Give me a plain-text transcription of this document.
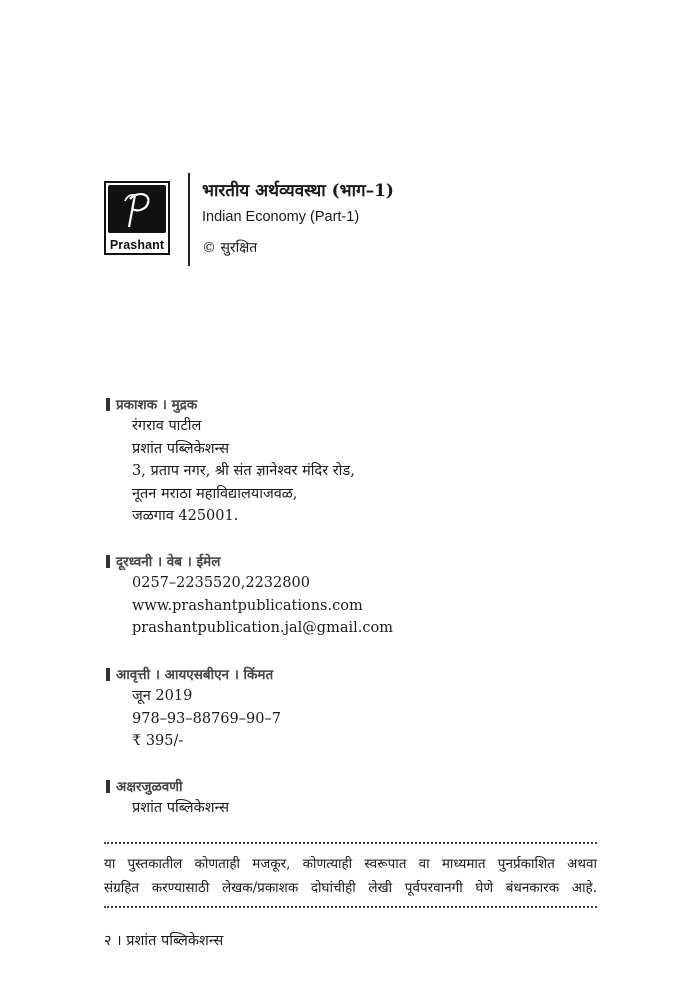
Prashant
भारतीय अर्थव्यवस्था (भाग–1)
Indian Economy (Part-1)
© सुरक्षित
प्रकाशक । मुद्रक
रंगराव पाटील
प्रशांत पब्लिकेशन्स
3, प्रताप नगर, श्री संत ज्ञानेश्वर मंदिर रोड,
नूतन मराठा महाविद्यालयाजवळ,
जळगाव 425001.
दूरध्वनी । वेब । ईमेल
0257–2235520,2232800
www.prashantpublications.com
prashantpublication.jal@gmail.com
आवृत्ती । आयएसबीएन । किंमत
जून 2019
978–93–88769–90–7
₹ 395/-
अक्षरजुळवणी
प्रशांत पब्लिकेशन्स
या पुस्तकातील कोणताही मजकूर, कोणत्याही स्वरूपात वा माध्यमात पुनर्प्रकाशित अथवा
संग्रहित करण्यासाठी लेखक/प्रकाशक दोघांचीही लेखी पूर्वपरवानगी घेणे बंधनकारक आहे.
२ । प्रशांत पब्लिकेशन्स
